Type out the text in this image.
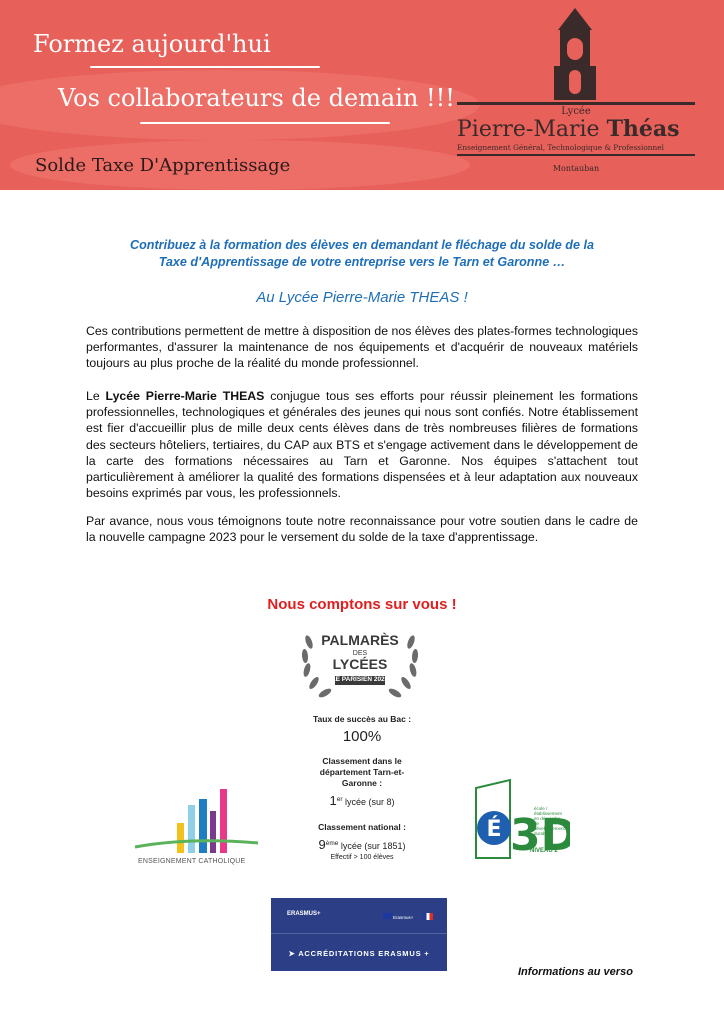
Formez aujourd'hui
Vos collaborateurs de demain !!!
Solde Taxe D'Apprentissage
Lycée
Pierre-Marie Théas
Enseignement Général, Technologique & Professionnel
Montauban
Contribuez à la formation des élèves en demandant le fléchage du solde de la
Taxe d'Apprentissage de votre entreprise vers le Tarn et Garonne …
Au Lycée Pierre-Marie THEAS !

Ces contributions permettent de mettre à disposition de nos élèves des plates-formes technologiques performantes, d'assurer la maintenance de nos équipements et d'acquérir de nouveaux matériels toujours au plus proche de la réalité du monde professionnel.

Le Lycée Pierre-Marie THEAS conjugue tous ses efforts pour réussir pleinement les formations professionnelles, technologiques et générales des jeunes qui nous sont confiés. Notre établissement est fier d'accueillir plus de mille deux cents élèves dans de très nombreuses filières de formations des secteurs hôteliers, tertiaires, du CAP aux BTS et s'engage activement dans le développement de la carte des formations nécessaires au Tarn et Garonne. Nos équipes s'attachent tout particulièrement à améliorer la qualité des formations dispensées et à leur adaptation aux nouveaux besoins exprimés par vous, les professionnels.

Par avance, nous vous témoignons toute notre reconnaissance pour votre soutien dans le cadre de la nouvelle campagne 2023 pour le versement du solde de la taxe d'apprentissage.

Nous comptons sur vous !
PALMARÈS
DES
LYCÉES
LE PARISIEN 2023
Taux de succès au Bac :
100%
Classement dans le
département Tarn-et-
Garonne :
1er lycée (sur 8)
Classement national :
9ème lycée (sur 1851)
Effectif > 100 élèves
ENSEIGNEMENT CATHOLIQUE
É 3D
école / établissement en démarche de développement durable
NIVEAU 2
ERASMUS+
Erasmus+
➤ ACCRÉDITATIONS ERASMUS +
Informations au verso
